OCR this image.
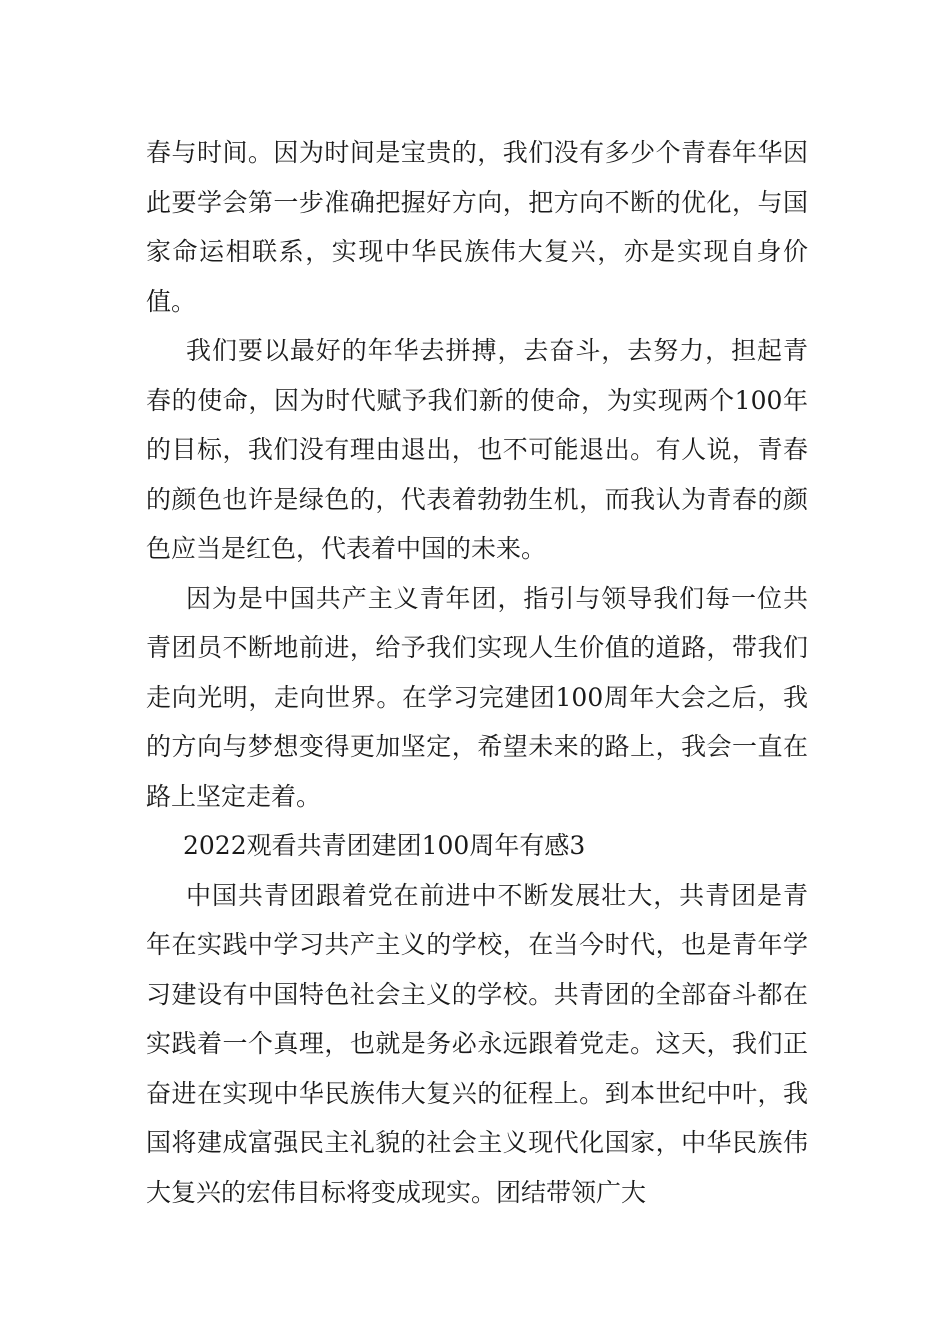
春与时间。因为时间是宝贵的，我们没有多少个青春年华因此要学会第一步准确把握好方向，把方向不断的优化，与国家命运相联系，实现中华民族伟大复兴，亦是实现自身价值。

我们要以最好的年华去拼搏，去奋斗，去努力，担起青春的使命，因为时代赋予我们新的使命，为实现两个100年的目标，我们没有理由退出，也不可能退出。有人说，青春的颜色也许是绿色的，代表着勃勃生机，而我认为青春的颜色应当是红色，代表着中国的未来。

因为是中国共产主义青年团，指引与领导我们每一位共青团员不断地前进，给予我们实现人生价值的道路，带我们走向光明，走向世界。在学习完建团100周年大会之后，我的方向与梦想变得更加坚定，希望未来的路上，我会一直在路上坚定走着。

2022观看共青团建团100周年有感3

中国共青团跟着党在前进中不断发展壮大，共青团是青年在实践中学习共产主义的学校，在当今时代，也是青年学习建设有中国特色社会主义的学校。共青团的全部奋斗都在实践着一个真理，也就是务必永远跟着党走。这天，我们正奋进在实现中华民族伟大复兴的征程上。到本世纪中叶，我国将建成富强民主礼貌的社会主义现代化国家，中华民族伟大复兴的宏伟目标将变成现实。团结带领广大
